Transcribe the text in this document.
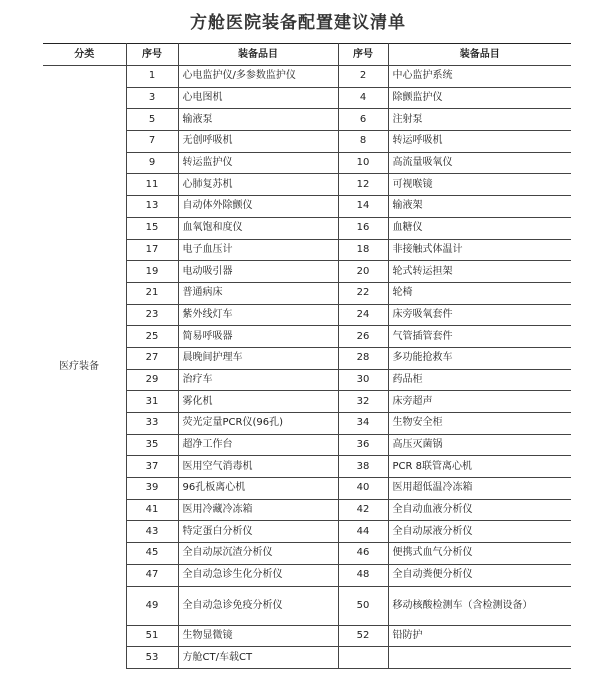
方舱医院装备配置建议清单
分类	序号	装备品目	序号	装备品目
医疗装备	1	心电监护仪/多参数监护仪	2	中心监护系统
	3	心电图机	4	除颤监护仪
	5	输液泵	6	注射泵
	7	无创呼吸机	8	转运呼吸机
	9	转运监护仪	10	高流量吸氧仪
	11	心肺复苏机	12	可视喉镜
	13	自动体外除颤仪	14	输液架
	15	血氧饱和度仪	16	血糖仪
	17	电子血压计	18	非接触式体温计
	19	电动吸引器	20	轮式转运担架
	21	普通病床	22	轮椅
	23	紫外线灯车	24	床旁吸氧套件
	25	简易呼吸器	26	气管插管套件
	27	晨晚间护理车	28	多功能抢救车
	29	治疗车	30	药品柜
	31	雾化机	32	床旁超声
	33	荧光定量PCR仪(96孔)	34	生物安全柜
	35	超净工作台	36	高压灭菌锅
	37	医用空气消毒机	38	PCR 8联管离心机
	39	96孔板离心机	40	医用超低温冷冻箱
	41	医用冷藏冷冻箱	42	全自动血液分析仪
	43	特定蛋白分析仪	44	全自动尿液分析仪
	45	全自动尿沉渣分析仪	46	便携式血气分析仪
	47	全自动急诊生化分析仪	48	全自动粪便分析仪
	49	全自动急诊免疫分析仪	50	移动核酸检测车（含检测设备）
	51	生物显微镜	52	铅防护
	53	方舱CT/车载CT		
